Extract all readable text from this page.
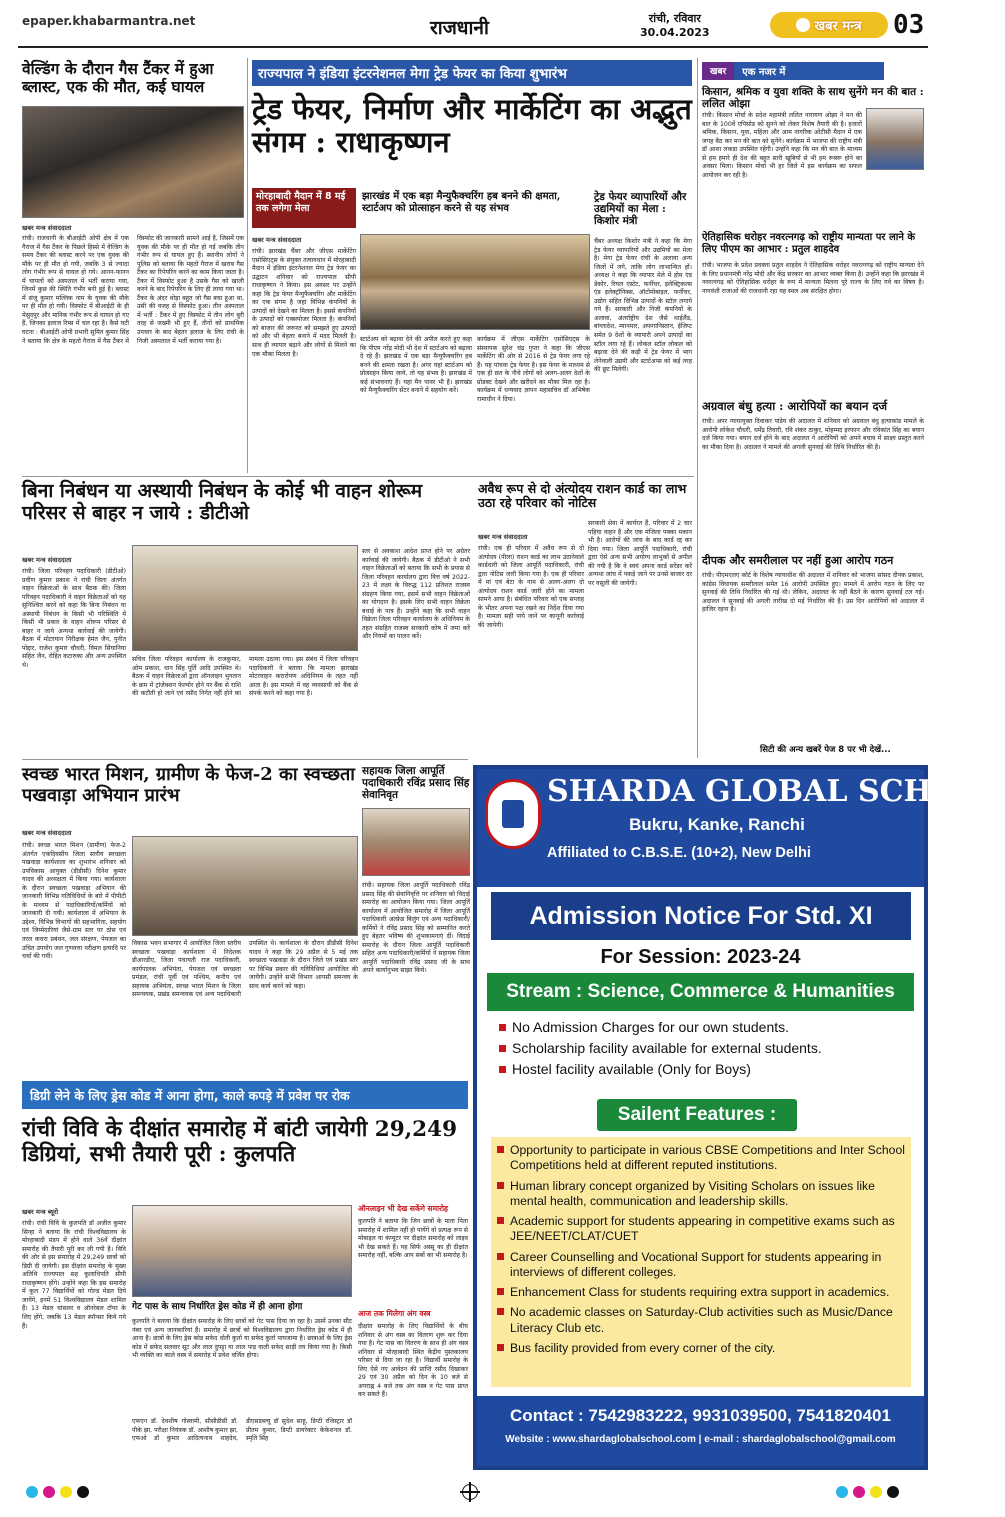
epaper.khabarmantra.net	राजधानी	रांची, रविवार
30.04.2023	खबर मन्त्र 03
वेल्डिंग के दौरान गैस टैंकर में हुआ ब्लास्ट, एक की मौत, कई घायल
खबर मन्त्र संवाददाता
रांची। राजधानी के बीआईटी ओपी क्षेत्र में एक गैराज में गैस टैंकर के पिछले हिस्से में वेल्डिंग के समय टैंकर की ब्लास्ट करने पर एक युवक की मौके पर ही मौत हो गयी, जबकि 3 से ज्यादा लोग गंभीर रूप से घायल हो गये। आनन-फानन में घायलों को अस्पताल में भर्ती कराया गया, जिनमें कुछ की स्थिति गंभीर बनी हुई है। ब्लास्ट में संजू कुमार मल्लिक नाम के युवक की मौके पर ही मौत हो गयी। विस्फोट में बीआईटी के ही मेसुदपुर और मानिक गंभीर रूप से घायल हो गए हैं, जिनका इलाज रिम्स में चल रहा है। कैसे घटी घटना : बीआईटी ओपी प्रभारी सुमित कुमार सिंह ने बताया कि क्षेत्र के महतो गैराज में गैस टैंकर में विस्फोट की जानकारी सामने आई है, जिसमें एक युवक की मौके पर ही मौत हो गई जबकि तीन गंभीर रूप से घायल हुए हैं। स्थानीय लोगों ने पुलिस को बताया कि महतो गैराज में खराब गैस टैंकर का रिपेयरिंग करने का काम किया जाता है। टैंकर में विस्फोट हुआ है उसके गैस को खाली करने के बाद रिपेयरिंग के लिए ही लाया गया था। टैंकर के अंदर थोड़ा बहुत जो गैस बचा हुआ था, उसी की वजह से विस्फोट हुआ। तीन अस्पताल में भर्ती : टैंकर में हुए विस्फोट में तीन लोग बुरी तरह से जख्मी भी हुए हैं, तीनों को प्राथमिक उपचार के बाद बेहतर इलाज के लिए रांची के निजी अस्पताल में भर्ती कराया गया है।
राज्यपाल ने इंडिया इंटरनेशनल मेगा ट्रेड फेयर का किया शुभारंभ
ट्रेड फेयर, निर्माण और मार्केटिंग का अद्भुत संगम : राधाकृष्णन
मोरहाबादी मैदान में 8 मई तक लगेगा मेला
झारखंड में एक बड़ा मैन्युफैक्चरिंग हब बनने की क्षमता, स्टार्टअप को प्रोत्साहन करने से यह संभव
ट्रेड फेयर व्यापारियों और उद्यमियों का मेला : किशोर मंत्री
खबर मन्त्र संवाददाता
रांची। झारखंड चैंबर और जीएस मार्केटिंग एसोसिएट्स के संयुक्त तत्वावधान में मोरहाबादी मैदान में इंडिया इंटरनेशनल मेगा ट्रेड फेयर का उद्घाटन शनिवार को राज्यपाल सीपी राधाकृष्णन ने किया। इस अवसर पर उन्होंने कहा कि ट्रेड फेयर मैन्युफैक्चरिंग और मार्केटिंग का एक संगम है जहां विभिन्न कंपनियों के उत्पादों को देखने का मिलता है। इससे कंपनियों के उत्पादों को एक्सपोजर मिलता है। कंपनियों को बाजार की जरूरत को समझते हुए उत्पादों को और भी बेहतर बनाने में मदद मिलती है। साथ ही व्यापार बढ़ाने और लोगों से मिलने का एक मौका मिलता है।
स्टार्टअप को बढ़ावा देने की अपील करते हुए कहा कि पीएम नरेंद्र मोदी भी देश में स्टार्टअप को बढ़ावा दे रहे हैं। झारखंड में एक बड़ा मैन्युफैक्चरिंग हब बनने की क्षमता रखता है। अगर यहां स्टार्टअप को प्रोत्साहन किया जाये, तो यह संभव है। झारखंड में कई संभावनाएं हैं। यहां मैन पावर भी है। झारखंड को मैन्युफैक्चरिंग सेंटर बनाने में सहयोग करें।
कार्यक्रम में जीएस मार्केटिंग एसोसिएट्स के संस्थापक सुरेश चंद्र गुप्ता ने कहा कि जीएस मार्केटिंग की ओर से 2016 से ट्रेड फेयर लगा रहे हैं। यह पांचवा ट्रेड फेयर है। इस फेयर के माध्यम से एक ही छत के नीचे लोगों को अलग-अलग देशों के प्रोडक्ट देखने और खरीदने का मौका मिल रहा है। कार्यक्रम में धन्यवाद ज्ञापन महासचिव डॉ अभिषेक रामाधीन ने दिया।
चैंबर अध्यक्ष किशोर मंत्री ने कहा कि मेगा ट्रेड फेयर व्यापारियों और उद्यमियों का मेला है। मेगा ट्रेड फेयर रांची के अलावा अन्य जिलों में लगे, ताकि लोग लाभान्वित हों। अध्यक्ष ने कहा कि व्यापार मेले में होम एंड डेकोर, रियल एस्टेट, फर्नीचर, इलेक्ट्रिकल्स एंड इलेक्ट्रॉनिक्स, ऑटोमोबाइल, फर्नीचर, उद्योग सहित विभिन्न उत्पादों के स्टॉल लगाये गये हैं। सरकारी और निजी कंपनियों के अलावा, अंतर्राष्ट्रीय देश जैसे थाईलैंड, बांग्लादेश, म्यानमार, अफगानिस्तान, ईजिप्ट समेत 9 देशों के व्यापारी अपने उत्पादों का स्टॉल लगा रहे हैं। लोकल स्टॉल लोकल को बढ़ावा देने की कड़ी में ट्रेड फेयर में भाग लेनेवाली उद्यमी और स्टार्टअप्स को कई तरह की छूट मिलेगी।
खबर	एक नजर में
किसान, श्रमिक व युवा शक्ति के साथ सुनेंगे मन की बात : ललित ओझा
रांची। किसान मोर्चा के प्रदेश महामंत्री ललित नारायण ओझा ने मन की बात के 100वें एपिसोड को सुनने को लेकर विशेष तैयारी की है। हजारों श्रमिक, किसान, युवा, महिला और आम नागरिक ओटीसी मैदान में एक जगह बैठ कर मन की बात को सुनेंगे। कार्यक्रम में भाजपा की राष्ट्रीय मंत्री डॉ आशा लकड़ा उपस्थित रहेंगी। उन्होंने कहा कि मन की बात के माध्यम से हम हमारे ही देश की बहुत सारी खूबियों से भी हम रूबरू होने का अवसर मिला। किसान मोर्चा भी हर जिले में इस कार्यक्रम का सफल आयोजन कर रही है।
ऐतिहासिक धरोहर नवरत्नगढ़ को राष्ट्रीय मान्यता पर लाने के लिए पीएम का आभार : प्रतुल शाहदेव
रांची। भाजपा के प्रदेश प्रवक्ता प्रतुल शाहदेव ने ऐतिहासिक धरोहर नवरत्नगढ़ को राष्ट्रीय मान्यता देने के लिए प्रधानमंत्री नरेंद्र मोदी और केंद्र सरकार का आभार व्यक्त किया है। उन्होंने कहा कि झारखंड में नवरत्नगढ़ को ऐतिहासिक धरोहर के रूप में मान्यता मिलना पूरे राज्य के लिए गर्व का विषय है। नागवंशी राजाओं की राजधानी रहा यह स्थल अब संरक्षित होगा।
अग्रवाल बंधु हत्या : आरोपियों का बयान दर्ज
रांची। अपर न्यायायुक्त दिवाकर पांडेय की अदालत में शनिवार को अग्रवाल बंधु हत्याकांड मामले के आरोपी लोकेश चौधरी, धर्मेंद्र तिवारी, रवि शंकर ठाकुर, मोहम्मद इरफान और रविकांत सिंह का बयान दर्ज किया गया। बयान दर्ज होने के बाद अदालत ने आरोपियों को अपने बचाव में साक्ष्य प्रस्तुत करने का मौका दिया है। अदालत ने मामले की अगली सुनवाई की तिथि निर्धारित की है।
दीपक और समरीलाल पर नहीं हुआ आरोप गठन
रांची। पीएमएलए कोर्ट के विशेष न्यायाधीश की अदालत में शनिवार को भाजपा सांसद दीपक प्रकाश, कांग्रेस विधायक समरीलाल समेत 16 आरोपी उपस्थित हुए। मामले में आरोप गठन के लिए पर सुनवाई की तिथि निर्धारित की गई थी। लेकिन, अदालत के नहीं बैठने के कारण सुनवाई टल गई। अदालत ने सुनवाई की अगली तारीख दो मई निर्धारित की है। उस दिन आरोपियों को अदालत में हाजिर रहना है।
सिटी की अन्य खबरें पेज 8 पर भी देखें...
बिना निबंधन या अस्थायी निबंधन के कोई भी वाहन शोरूम परिसर से बाहर न जाये : डीटीओ
खबर मन्त्र संवाददाता
रांची। जिला परिवहन पदाधिकारी (डीटीओ) प्रवीण कुमार प्रकाश ने रांची जिला अंतर्गत वाहन विक्रेताओं के साथ बैठक की। जिला परिवहन पदाधिकारी ने वाहन विक्रेताओं को यह सुनिश्चित करने को कहा कि बिना निबंधन या अस्थायी निबंधन के किसी भी परिस्थिति में किसी भी प्रकार के वाहन शोरूम परिसर से बाहर न जाये अन्यथा कार्रवाई की जायेगी। बैठक में मोटरयान निरीक्षक हेमंत जैन, पुनीत पोद्दार, राजेश कुमार चौधरी, विमल सिंघानिया सहित जैन, रोहित कटारुका और अन्य उपस्थित थे।
सचिव जिला परिवहन कार्यालय के राजकुमार, ओम प्रकाश, धान सिंह पूर्ति आदि उपस्थित थे। बैठक में वाहन विक्रेताओं द्वारा ऑनलाइन भुगतान के क्रम में ट्रांजेक्शन फेल्योर होने पर बैंक से राशि की कटौती हो जाने एवं रसीद निर्गत नहीं होने का मामला उठाया गया। इस संबंध में जिला परिवहन पदाधिकारी ने बताया कि मामला झारखंड मोटरवाहन करारोपण अधिनियम के तहत नहीं आता है। इस मामले में वह व्यवसायी को बैंक से संपर्क करने को कहा गया है।
स्तर से अवकाश आदेश प्राप्त होने पर अग्रेतर कार्रवाई की जायेगी। बैठक में डीटीओ ने सभी वाहन विक्रेताओं को बताया कि सभी के प्रयास से जिला परिवहन कार्यालय द्वारा वित्त वर्ष 2022-23 में लक्ष्य के विरुद्ध 112 प्रतिशत राजस्व संग्रहण किया गया, इसमें सभी वाहन विक्रेताओं का योगदान है। इसके लिए सभी वाहन विक्रेता बधाई के पात्र हैं। उन्होंने कहा कि सभी वाहन विक्रेता जिला परिवहन कार्यालय के अधिनियम के तहत संग्रहित राजस्व सरकारी कोष में जमा करें और नियमों का पालन करें।
अवैध रूप से दो अंत्योदय राशन कार्ड का लाभ उठा रहे परिवार को नोटिस
खबर मन्त्र संवाददाता
रांची। एक ही परिवार में अवैध रूप से दो अंत्योदय (पीला) राशन कार्ड का लाभ उठानेवाले कार्डधारी को जिला आपूर्ति पदाधिकारी, रांची द्वारा नोटिस जारी किया गया है। एक ही परिवार में मां एवं बेटा के नाम से अलग-अलग दो अंत्योदय राशन कार्ड जारी होने का मामला सामने आया है। संबंधित परिवार को एक सप्ताह के भीतर अपना पक्ष रखने का निर्देश दिया गया है। मामला सही पाये जाने पर कानूनी कार्रवाई की जायेगी।
सरकारी सेवा में कार्यरत हैं, परिवार में 2 चार पहिया वाहन है और एक मंजिला पक्का मकान भी है। आरोपों की जांच के बाद कार्ड रद्द कर दिया गया। जिला आपूर्ति पदाधिकारी, रांची द्वारा ऐसे अन्य सभी अयोग्य लाभुकों से अपील की गयी है कि वे स्वयं अपना कार्ड सरेंडर करें अन्यथा जांच में पकड़े जाने पर उनसे बाजार दर पर वसूली की जायेगी।
स्वच्छ भारत मिशन, ग्रामीण के फेज-2 का स्वच्छता पखवाड़ा अभियान प्रारंभ
खबर मन्त्र संवाददाता
रांची। स्वच्छ भारत मिशन (ग्रामीण) फेज-2 अंतर्गत एकदिवसीय जिला स्तरीय स्वच्छता पखवाड़ा कार्यशाला का शुभारंभ शनिवार को उपविकास आयुक्त (डीडीसी) दिनेश कुमार यादव की अध्यक्षता में किया गया। कार्यशाला के दौरान स्वच्छता पखवाड़ा अभियान की जानकारी विभिन्न गतिविधियों के बारे में पीपीटी के माध्यम से पदाधिकारियों/कर्मियों को जानकारी दी गयी। कार्यशाला में अभियान के उद्देश्य, विभिन्न विभागों की सहभागिता, सहयोग एवं जिम्मेदारियां जैसे-ग्राम स्तर पर ठोस एवं तरल कचरा प्रबंधन, जल संरक्षण, पेयजल का उचित उपयोग जल गुणवत्ता परीक्षण इत्यादि पर चर्चा की गयी।
विकास भवन सभागार में आयोजित जिला स्तरीय स्वच्छता पखवाड़ा कार्यशाला में निदेशक डीआरडीए, जिला पंचायती राज पदाधिकारी, कार्यपालक अभियंता, पेयजल एवं स्वच्छता प्रमंडल, रांची पूर्वी एवं पश्चिम, कनीय एवं सहायक अभियंता, स्वच्छ भारत मिशन के जिला समन्वयक, प्रखंड समन्वयक एवं अन्य पदाधिकारी उपस्थित थे। कार्यशाला के दौरान डीडीसी दिनेश यादव ने कहा कि 29 अप्रैल से 5 मई तक स्वच्छता पखवाड़ा के दौरान जिले एवं प्रखंड स्तर पर विभिन्न प्रकार की गतिविधियां आयोजित की जायेंगी। उन्होंने सभी विभाग आपसी समन्वय के साथ कार्य करने को कहा।
सहायक जिला आपूर्ति पदाधिकारी रविंद्र प्रसाद सिंह सेवानिवृत
रांची। सहायक जिला आपूर्ति पदाधिकारी रविंद्र प्रसाद सिंह की सेवानिवृत्ति पर शनिवार को विदाई समारोह का आयोजन किया गया। जिला आपूर्ति कार्यालय में आयोजित समारोह में जिला आपूर्ति पदाधिकारी अल्फ्रेड बिलुंग एवं अन्य पदाधिकारी/कर्मियों ने रविंद्र प्रसाद सिंह को सम्मानित करते हुए बेहतर भविष्य की शुभकामनाएं दीं। विदाई समारोह के दौरान जिला आपूर्ति पदाधिकारी सहित अन्य पदाधिकारी/कर्मियों ने सहायक जिला आपूर्ति पदाधिकारी रविंद्र प्रसाद जी के साथ अपने कार्यानुभव साझा किये।
डिग्री लेने के लिए ड्रेस कोड में आना होगा, काले कपड़े में प्रवेश पर रोक
रांची विवि के दीक्षांत समारोह में बांटी जायेगी 29,249 डिग्रियां, सभी तैयारी पूरी : कुलपति
खबर मन्त्र ब्यूरो
रांची। रांची विवि के कुलपति डॉ अजीत कुमार सिन्हा ने बताया कि रांची विश्वविद्यालय के मोरहाबादी मंडप में होने वाले 36वें दीक्षांत समारोह की तैयारी पूरी कर ली गयी है। विवि की ओर से इस समारोह में 29,249 छात्रों को डिग्री दी जायेगी। इस दीक्षांत समारोह के मुख्य अतिथि राज्यपाल सह कुलाधिपति सीपी राधाकृष्णन होंगे। उन्होंने कहा कि इस समारोह में कुल 77 विद्यार्थियों को गोल्ड मेडल दिये जायेंगे, इनमें 51 विश्वविद्यालय मेडल शामिल हैं। 13 मेडल चांसलर व ऑनरेबल टॉपर के लिए होंगे, जबकि 13 मेडल स्पॉन्सर किये गये हैं।
गेट पास के साथ निर्धारित ड्रेस कोड में ही आना होगा
कुलपति ने बताया कि दीक्षांत समारोह के लिए छात्रों को गेट पास दिया जा रहा है। उसमें उनका सीट नंबर एवं अन्य जानकारियां हैं। समारोह में छात्रों को विश्वविद्यालय द्वारा निर्धारित ड्रेस कोड में ही आना है। छात्रों के लिए ड्रेस कोड सफेद धोती कुर्ता या सफेद कुर्ता पायजामा है। छात्राओं के लिए ड्रेस कोड में सफेद सलवार सूट और लाल दुपट्टा या लाल पाड़ वाली सफेद साड़ी तय किया गया है। किसी भी व्यक्ति का काले वस्त्र में समारोह में प्रवेश वर्जित होगा।
एफएन डॉ. देवशीष गोस्वामी, सीसीडीसी डॉ. पीके झा, परीक्षा नियंत्रक डॉ. आशीष कुमार झा, एफओ डॉ कुमार आदित्यनाथ शाहदेव, डीएसडब्ल्यू डॉ सुदेश साहू, डिप्टी रजिस्ट्रार डॉ प्रीतम कुमार, डिप्टी डायरेक्टर केकेशनल डॉ. स्मृति सिंह
ऑनलाइन भी देख सकेंगे समारोह
कुलपति ने बताया कि जिन छात्रों के माता पिता समारोह में शामिल नहीं हो पायेंगे वो प्रत्यक्ष रूप से मोबाइल या कंप्यूटर पर दीक्षांत समारोह को लाइव भी देख सकते हैं। यह सिर्फ अस्सू का ही दीक्षांत समारोह नहीं, बल्कि आप सबों का भी समारोह है।
आज तक मिलेगा अंग वस्त्र
दीक्षांत समारोह के लिए विद्यार्थियों के बीच शनिवार से अंग वस्त्र का वितरण शुरू कर दिया गया है। गेट पास का वितरण के साथ ही अंग वस्त्र शनिवार से मोरहाबादी स्थित केंद्रीय पुस्तकालय परिसर से दिया जा रहा है। विद्यार्थी समारोह के लिए ऐसे नए आवेदन की प्राप्ति रसीद दिखाकर 29 एवं 30 अप्रैल को दिन के 10 बजे से अपराह्न 4 बजे तक अंग वस्त्र व गेट पास प्राप्त कर सकते हैं।
SHARDA GLOBAL SCHOOL
Bukru, Kanke, Ranchi
Affiliated to C.B.S.E. (10+2), New Delhi
Admission Notice For Std. XI
For Session: 2023-24
Stream : Science, Commerce & Humanities
No Admission Charges for our own students.
Scholarship facility available for external students.
Hostel facility available (Only for Boys)
Sailent Features :
Opportunity to participate in various CBSE Competitions and Inter School Competitions held at different reputed institutions.
Human library concept organized by Visiting Scholars on issues like mental health, communication and leadership skills.
Academic support for students appearing in competitive exams such as JEE/NEET/CLAT/CUET
Career Counselling and Vocational Support for students appearing in interviews of different colleges.
Enhancement Class for students requiring extra support in academics.
No academic classes on Saturday-Club activities such as Music/Dance Literacy Club etc.
Bus facility provided from every corner of the city.
Contact : 7542983222, 9931039500, 7541820401
Website : www.shardaglobalschool.com | e-mail : shardaglobalschool@gmail.com
